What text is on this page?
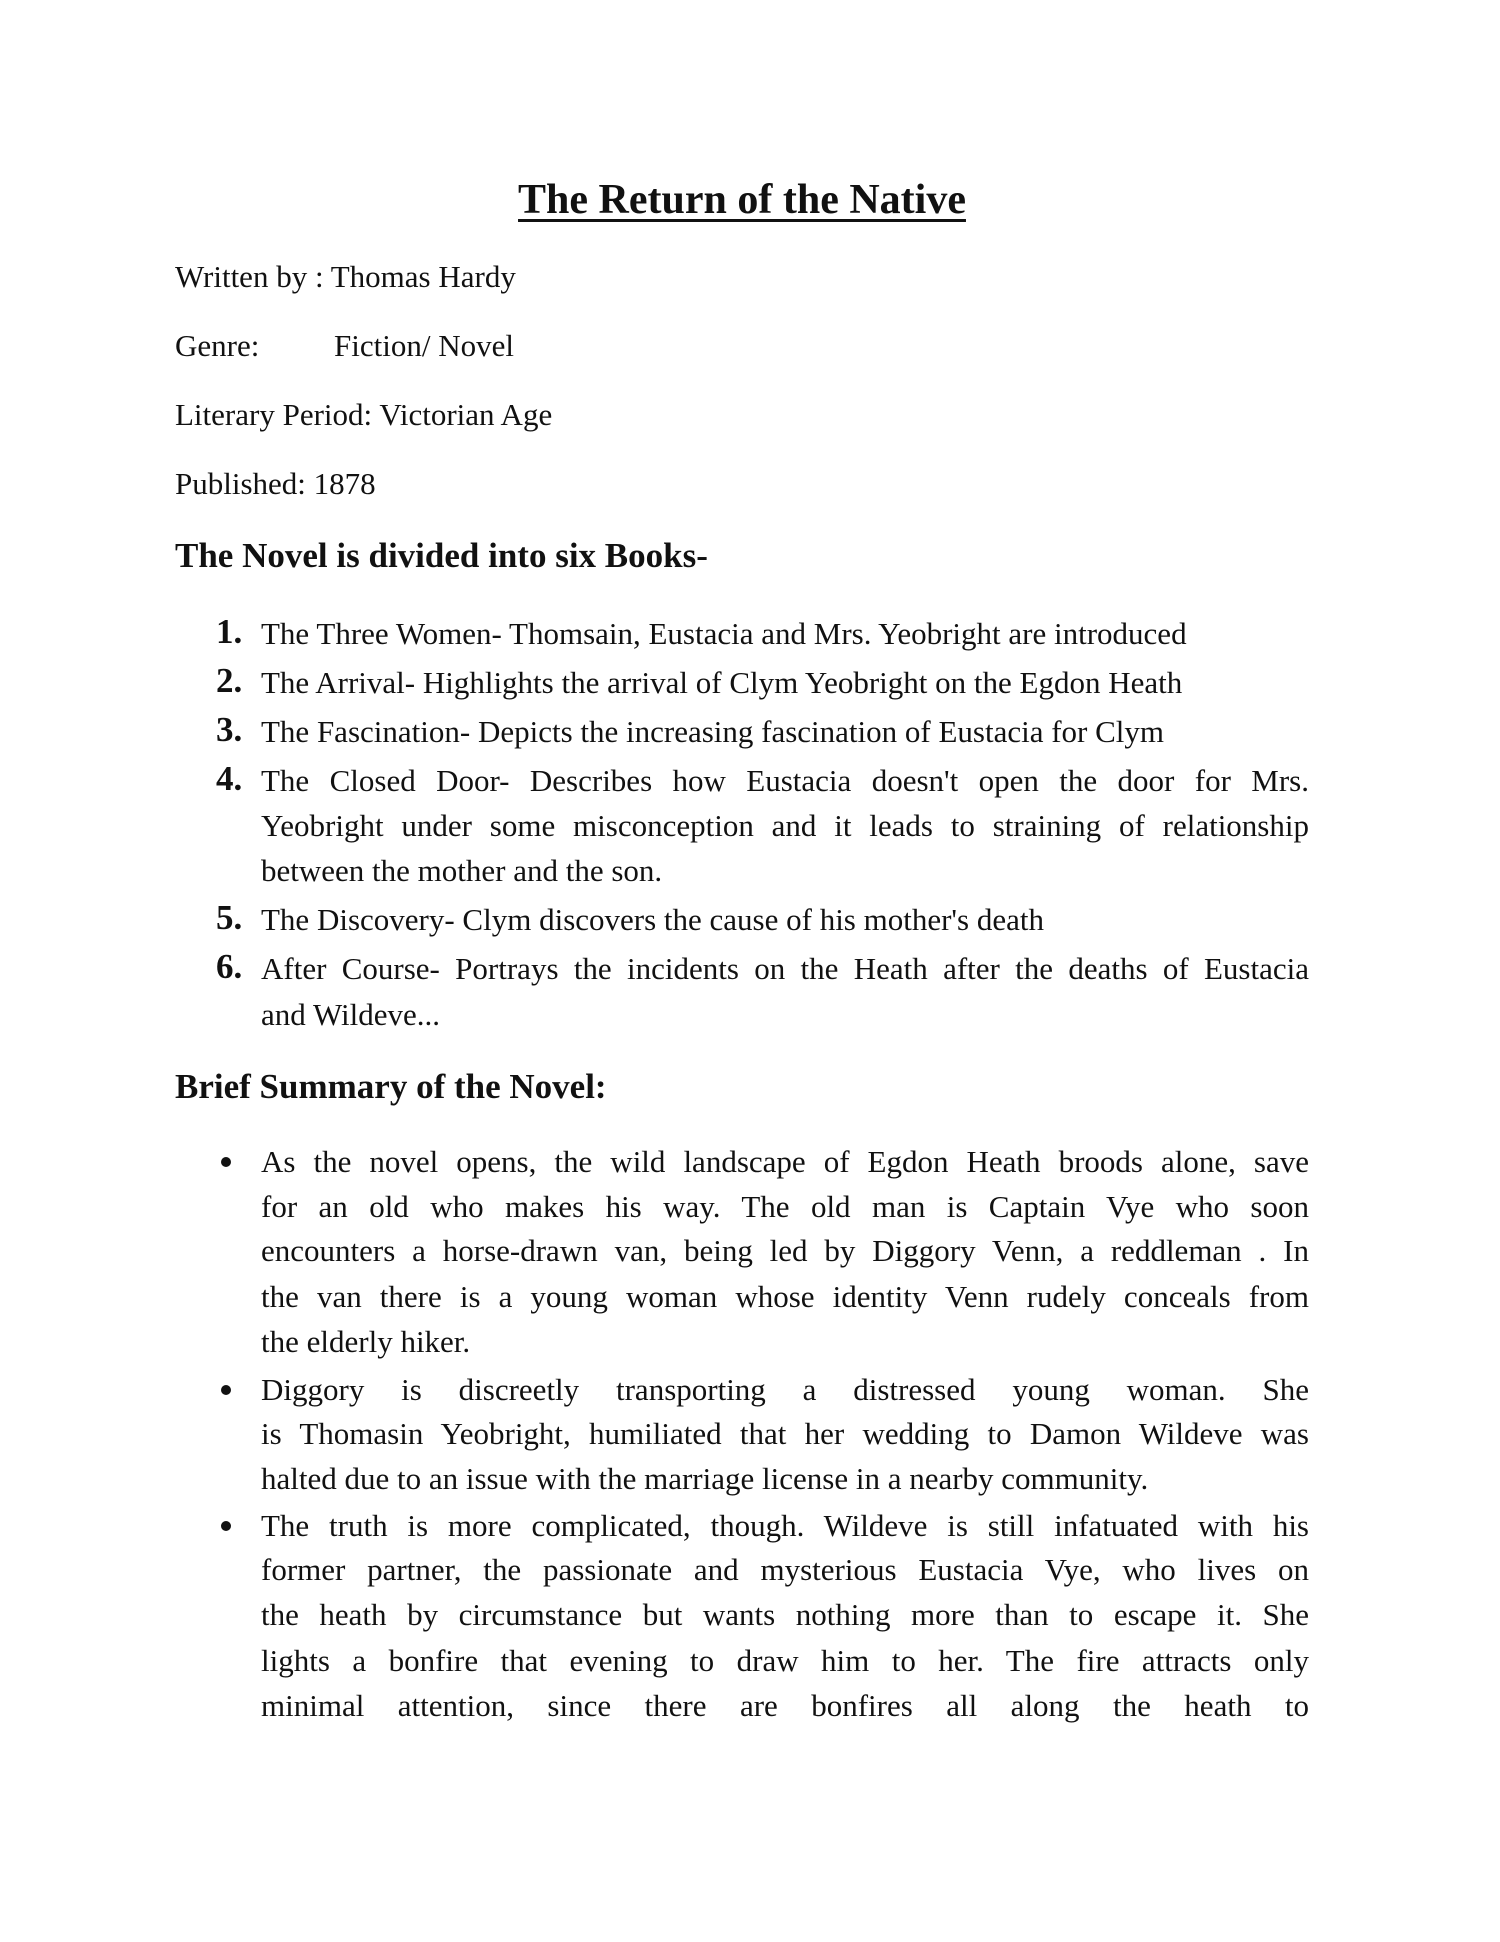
The Return of the Native
Written by : Thomas Hardy
Genre: Fiction/ Novel
Literary Period: Victorian Age
Published: 1878
The Novel is divided into six Books-
1. The Three Women- Thomsain, Eustacia and Mrs. Yeobright are introduced
2. The Arrival- Highlights the arrival of Clym Yeobright on the Egdon Heath
3. The Fascination- Depicts the increasing fascination of Eustacia for Clym
4. The Closed Door- Describes how Eustacia doesn't open the door for Mrs.
Yeobright under some misconception and it leads to straining of relationship
between the mother and the son.
5. The Discovery- Clym discovers the cause of his mother's death
6. After Course- Portrays the incidents on the Heath after the deaths of Eustacia
and Wildeve...
Brief Summary of the Novel:
As the novel opens, the wild landscape of Egdon Heath broods alone, save
for an old who makes his way. The old man is Captain Vye who soon
encounters a horse-drawn van, being led by Diggory Venn, a reddleman . In
the van there is a young woman whose identity Venn rudely conceals from
the elderly hiker.
Diggory is discreetly transporting a distressed young woman. She
is Thomasin Yeobright, humiliated that her wedding to Damon Wildeve was
halted due to an issue with the marriage license in a nearby community.
The truth is more complicated, though. Wildeve is still infatuated with his
former partner, the passionate and mysterious Eustacia Vye, who lives on
the heath by circumstance but wants nothing more than to escape it. She
lights a bonfire that evening to draw him to her. The fire attracts only
minimal attention, since there are bonfires all along the heath to
